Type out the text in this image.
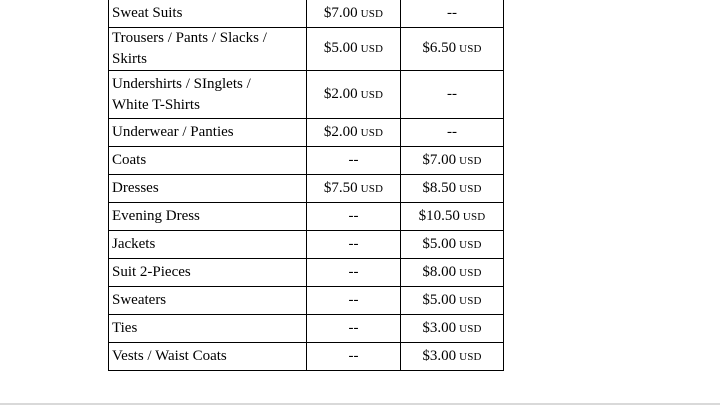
Sweat Suits	$7.00 USD	--

Trousers / Pants / Slacks / Skirts	$5.00 USD	$6.50 USD

Undershirts / SInglets /
White T-Shirts	$2.00 USD	--

Underwear / Panties	$2.00 USD	--

Coats	--	$7.00 USD

Dresses	$7.50 USD	$8.50 USD

Evening Dress	--	$10.50 USD

Jackets	--	$5.00 USD

Suit 2-Pieces	--	$8.00 USD

Sweaters	--	$5.00 USD

Ties	--	$3.00 USD

Vests / Waist Coats	--	$3.00 USD
